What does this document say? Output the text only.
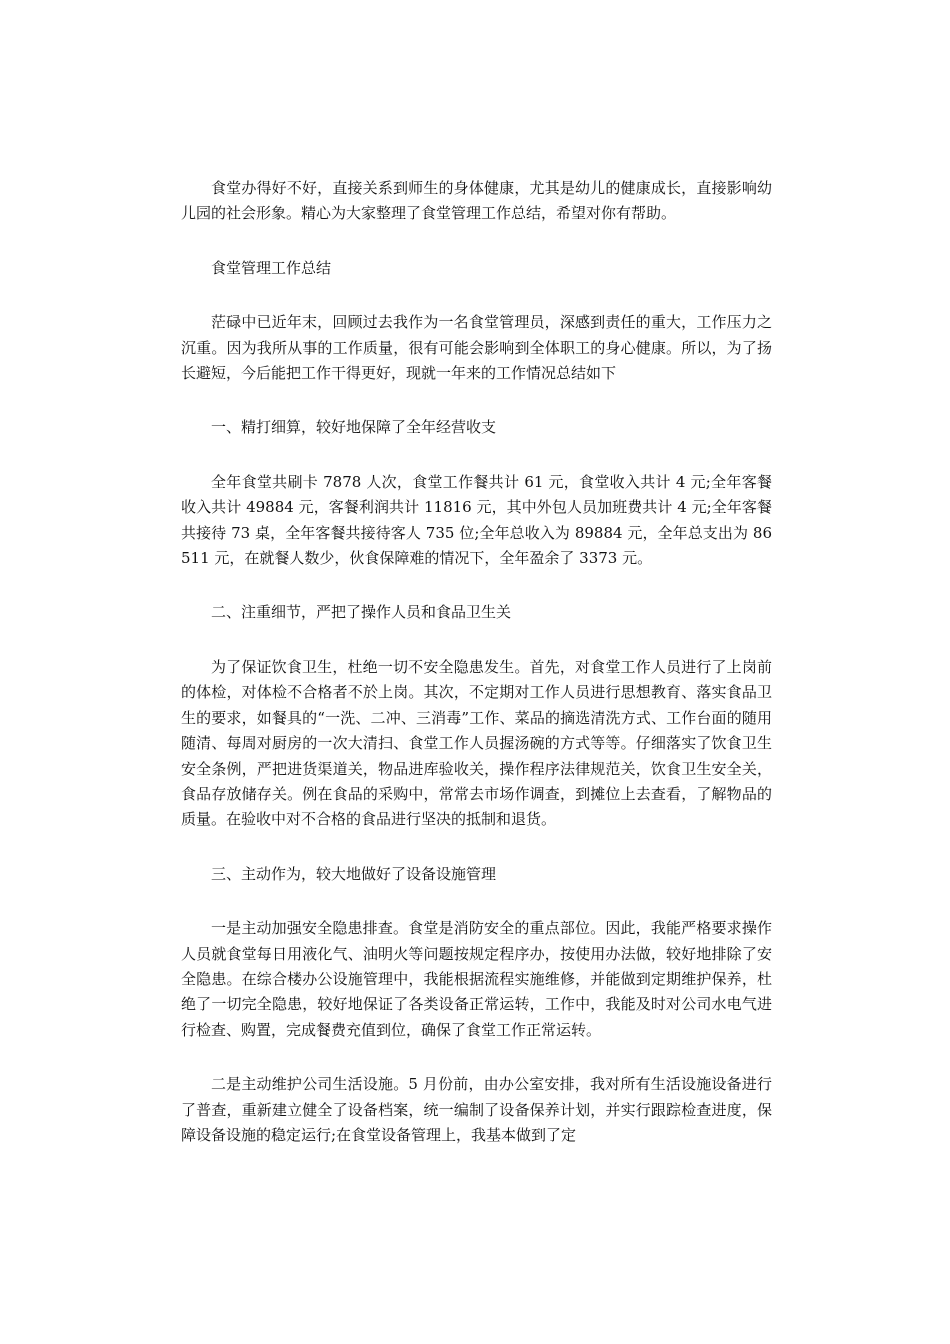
食堂办得好不好，直接关系到师生的身体健康，尤其是幼儿的健康成长，直接影响幼儿园的社会形象。精心为大家整理了食堂管理工作总结，希望对你有帮助。

食堂管理工作总结

茫碌中已近年末，回顾过去我作为一名食堂管理员，深感到责任的重大，工作压力之沉重。因为我所从事的工作质量，很有可能会影响到全体职工的身心健康。所以，为了扬长避短，今后能把工作干得更好，现就一年来的工作情况总结如下

一、精打细算，较好地保障了全年经营收支

全年食堂共刷卡 7878 人次，食堂工作餐共计 61 元，食堂收入共计 4 元;全年客餐收入共计 49884 元，客餐利润共计 11816 元，其中外包人员加班费共计 4 元;全年客餐共接待 73 桌，全年客餐共接待客人 735 位;全年总收入为 89884 元，全年总支出为 86511 元，在就餐人数少，伙食保障难的情况下，全年盈余了 3373 元。

二、注重细节，严把了操作人员和食品卫生关

为了保证饮食卫生，杜绝一切不安全隐患发生。首先，对食堂工作人员进行了上岗前的体检，对体检不合格者不於上岗。其次，不定期对工作人员进行思想教育、落实食品卫生的要求，如餐具的“一洗、二冲、三消毒”工作、菜品的摘选清洗方式、工作台面的随用随清、每周对厨房的一次大清扫、食堂工作人员握汤碗的方式等等。仔细落实了饮食卫生安全条例，严把进货渠道关，物品进库验收关，操作程序法律规范关，饮食卫生安全关，食品存放储存关。例在食品的采购中，常常去市场作调查，到摊位上去查看，了解物品的质量。在验收中对不合格的食品进行坚决的抵制和退货。

三、主动作为，较大地做好了设备设施管理

一是主动加强安全隐患排查。食堂是消防安全的重点部位。因此，我能严格要求操作人员就食堂每日用液化气、油明火等问题按规定程序办，按使用办法做，较好地排除了安全隐患。在综合楼办公设施管理中，我能根据流程实施维修，并能做到定期维护保养，杜绝了一切完全隐患，较好地保证了各类设备正常运转，工作中，我能及时对公司水电气进行检查、购置，完成餐费充值到位，确保了食堂工作正常运转。

二是主动维护公司生活设施。5 月份前，由办公室安排，我对所有生活设施设备进行了普查，重新建立健全了设备档案，统一编制了设备保养计划，并实行跟踪检查进度，保障设备设施的稳定运行;在食堂设备管理上，我基本做到了定
